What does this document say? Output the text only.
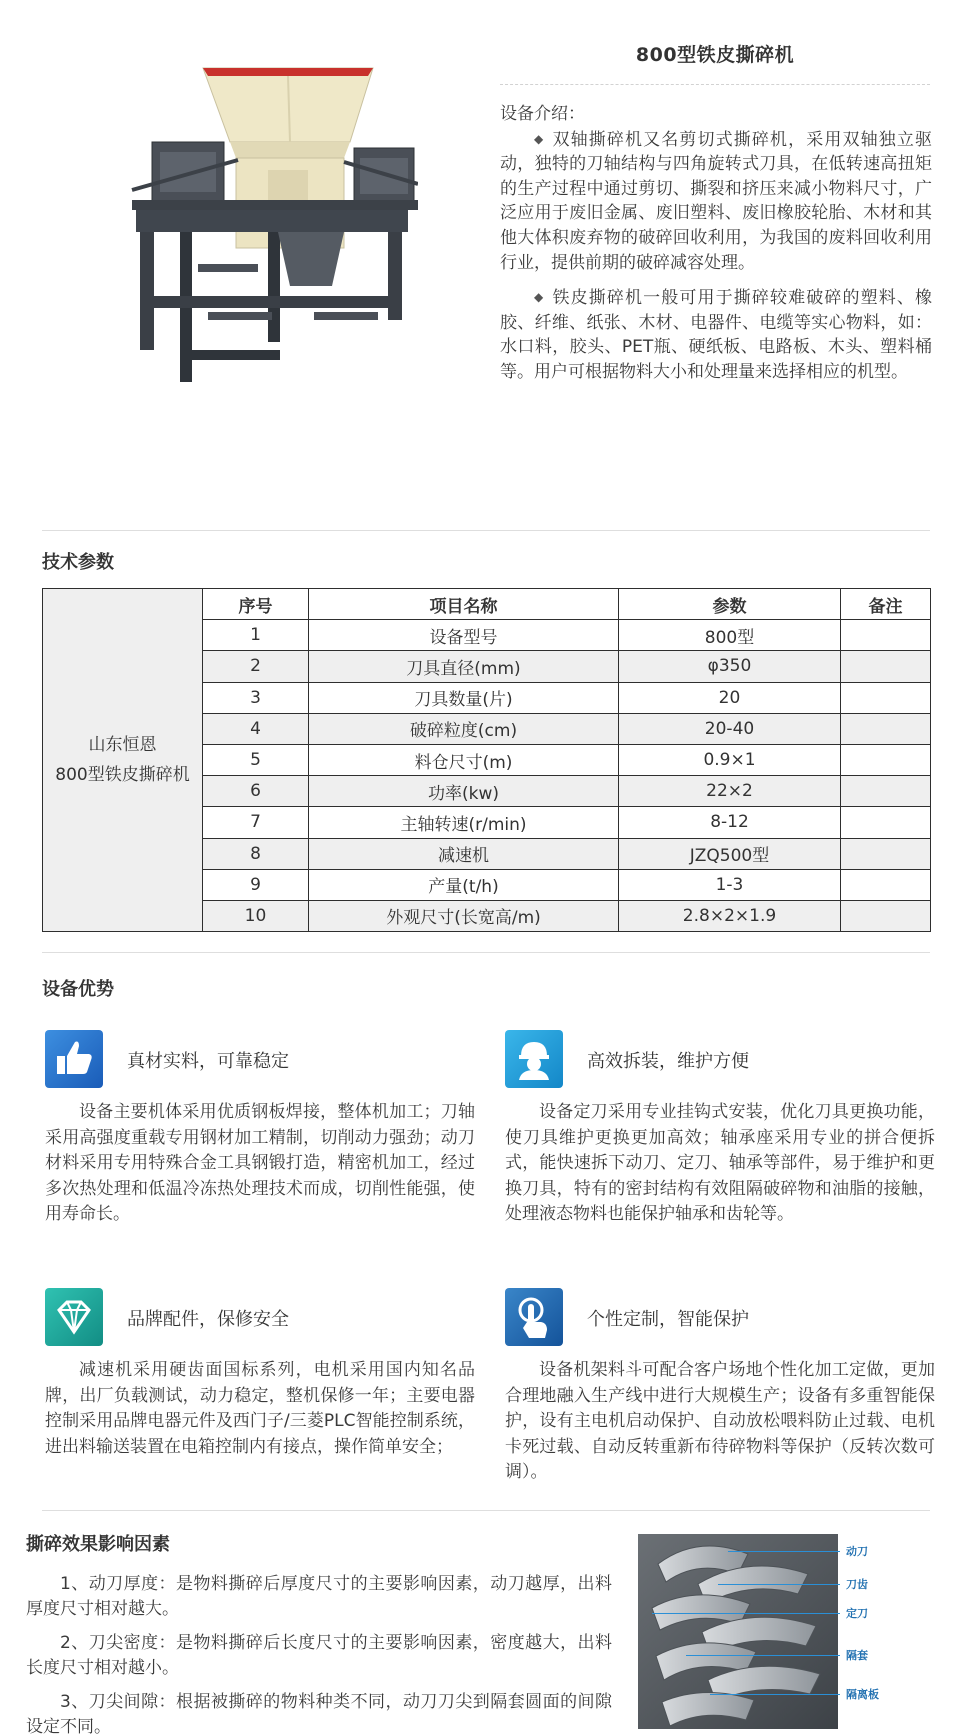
800型铁皮撕碎机
设备介绍：

◆ 双轴撕碎机又名剪切式撕碎机，采用双轴独立驱动，独特的刀轴结构与四角旋转式刀具，在低转速高扭矩的生产过程中通过剪切、撕裂和挤压来减小物料尺寸，广泛应用于废旧金属、废旧塑料、废旧橡胶轮胎、木材和其他大体积废弃物的破碎回收利用，为我国的废料回收利用行业，提供前期的破碎减容处理。

◆ 铁皮撕碎机一般可用于撕碎较难破碎的塑料、橡胶、纤维、纸张、木材、电器件、电缆等实心物料，如：水口料，胶头、PET瓶、硬纸板、电路板、木头、塑料桶等。用户可根据物料大小和处理量来选择相应的机型。

技术参数
山东恒恩
800型铁皮撕碎机	序号	项目名称	参数	备注
	1	设备型号	800型	
	2	刀具直径(mm)	φ350	
	3	刀具数量(片)	20	
	4	破碎粒度(cm)	20-40	
	5	料仓尺寸(m)	0.9×1	
	6	功率(kw)	22×2	
	7	主轴转速(r/min)	8-12	
	8	减速机	JZQ500型	
	9	产量(t/h)	1-3	
	10	外观尺寸(长宽高/m)	2.8×2×1.9	
设备优势
真材实料，可靠稳定
设备主要机体采用优质钢板焊接，整体机加工；刀轴采用高强度重载专用钢材加工精制，切削动力强劲；动刀材料采用专用特殊合金工具钢锻打造，精密机加工，经过多次热处理和低温冷冻热处理技术而成，切削性能强，使用寿命长。
高效拆装，维护方便
设备定刀采用专业挂钩式安装，优化刀具更换功能，使刀具维护更换更加高效；轴承座采用专业的拼合便拆式，能快速拆下动刀、定刀、轴承等部件，易于维护和更换刀具，特有的密封结构有效阻隔破碎物和油脂的接触，处理液态物料也能保护轴承和齿轮等。
品牌配件，保修安全
减速机采用硬齿面国标系列，电机采用国内知名品牌，出厂负载测试，动力稳定，整机保修一年；主要电器控制采用品牌电器元件及西门子/三菱PLC智能控制系统，进出料输送装置在电箱控制内有接点，操作简单安全；
个性定制，智能保护
设备机架料斗可配合客户场地个性化加工定做，更加合理地融入生产线中进行大规模生产；设备有多重智能保护，设有主电机启动保护、自动放松喂料防止过载、电机卡死过载、自动反转重新布待碎物料等保护（反转次数可调）。
撕碎效果影响因素

1、动刀厚度：是物料撕碎后厚度尺寸的主要影响因素，动刀越厚，出料厚度尺寸相对越大。

2、刀尖密度：是物料撕碎后长度尺寸的主要影响因素，密度越大，出料长度尺寸相对越小。

3、刀尖间隙：根据被撕碎的物料种类不同，动刀刀尖到隔套圆面的间隙设定不同。

动刀
刀齿
定刀
隔套
隔离板
